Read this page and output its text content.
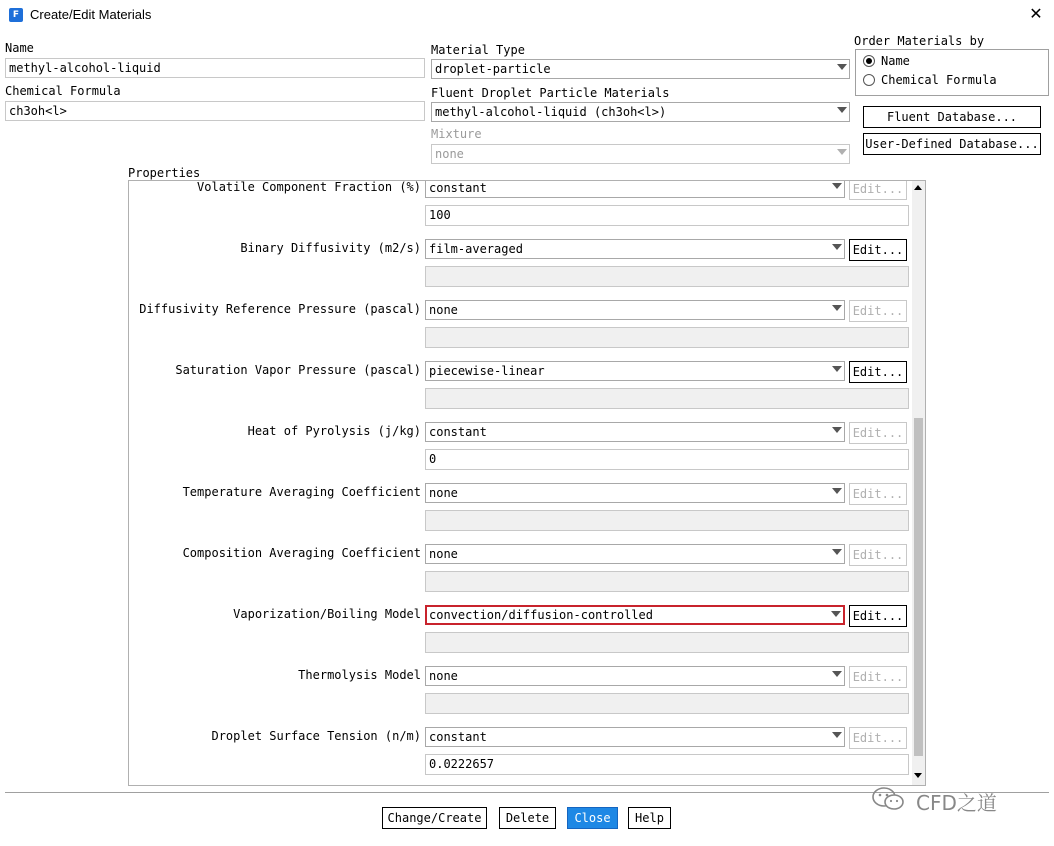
F Create/Edit Materials	✕
Name
methyl-alcohol-liquid
Chemical Formula
ch3oh<l>
Material Type
droplet-particle
Fluent Droplet Particle Materials
methyl-alcohol-liquid (ch3oh<l>)
Mixture
none
Order Materials by
Name
Chemical Formula
Fluent Database...
User-Defined Database...
Properties
Volatile Component Fraction (%) constant	Edit...
100
Binary Diffusivity (m2/s) film-averaged	Edit...
Diffusivity Reference Pressure (pascal) none	Edit...
Saturation Vapor Pressure (pascal) piecewise-linear	Edit...
Heat of Pyrolysis (j/kg) constant	Edit...
0
Temperature Averaging Coefficient none	Edit...
Composition Averaging Coefficient none	Edit...
Vaporization/Boiling Model convection/diffusion-controlled	Edit...
Thermolysis Model none	Edit...
Droplet Surface Tension (n/m) constant	Edit...
0.0222657
Change/Create	Delete	Close	Help
CFD之道
